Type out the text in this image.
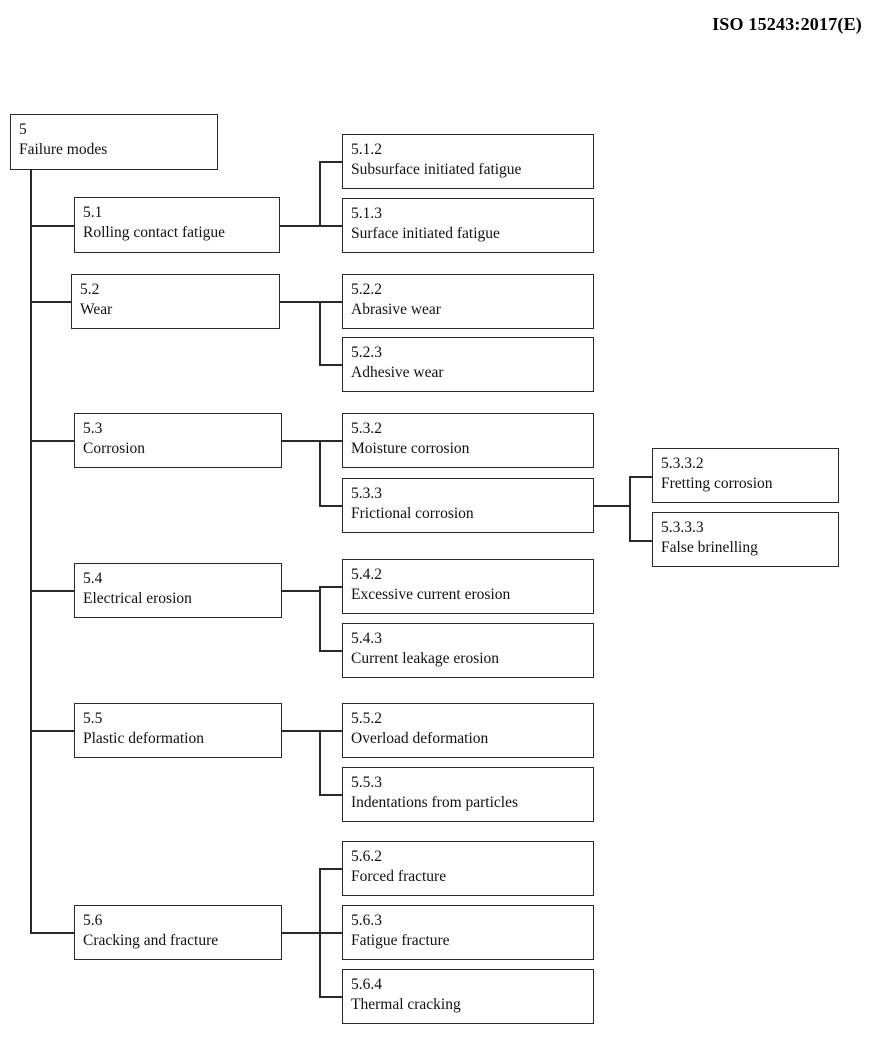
ISO 15243:2017(E)
5
Failure modes
5.1
Rolling contact fatigue
5.2
Wear
5.3
Corrosion
5.4
Electrical erosion
5.5
Plastic deformation
5.6
Cracking and fracture
5.1.2
Subsurface initiated fatigue
5.1.3
Surface initiated fatigue
5.2.2
Abrasive wear
5.2.3
Adhesive wear
5.3.2
Moisture corrosion
5.3.3
Frictional corrosion
5.4.2
Excessive current erosion
5.4.3
Current leakage erosion
5.5.2
Overload deformation
5.5.3
Indentations from particles
5.6.2
Forced fracture
5.6.3
Fatigue fracture
5.6.4
Thermal cracking
5.3.3.2
Fretting corrosion
5.3.3.3
False brinelling
